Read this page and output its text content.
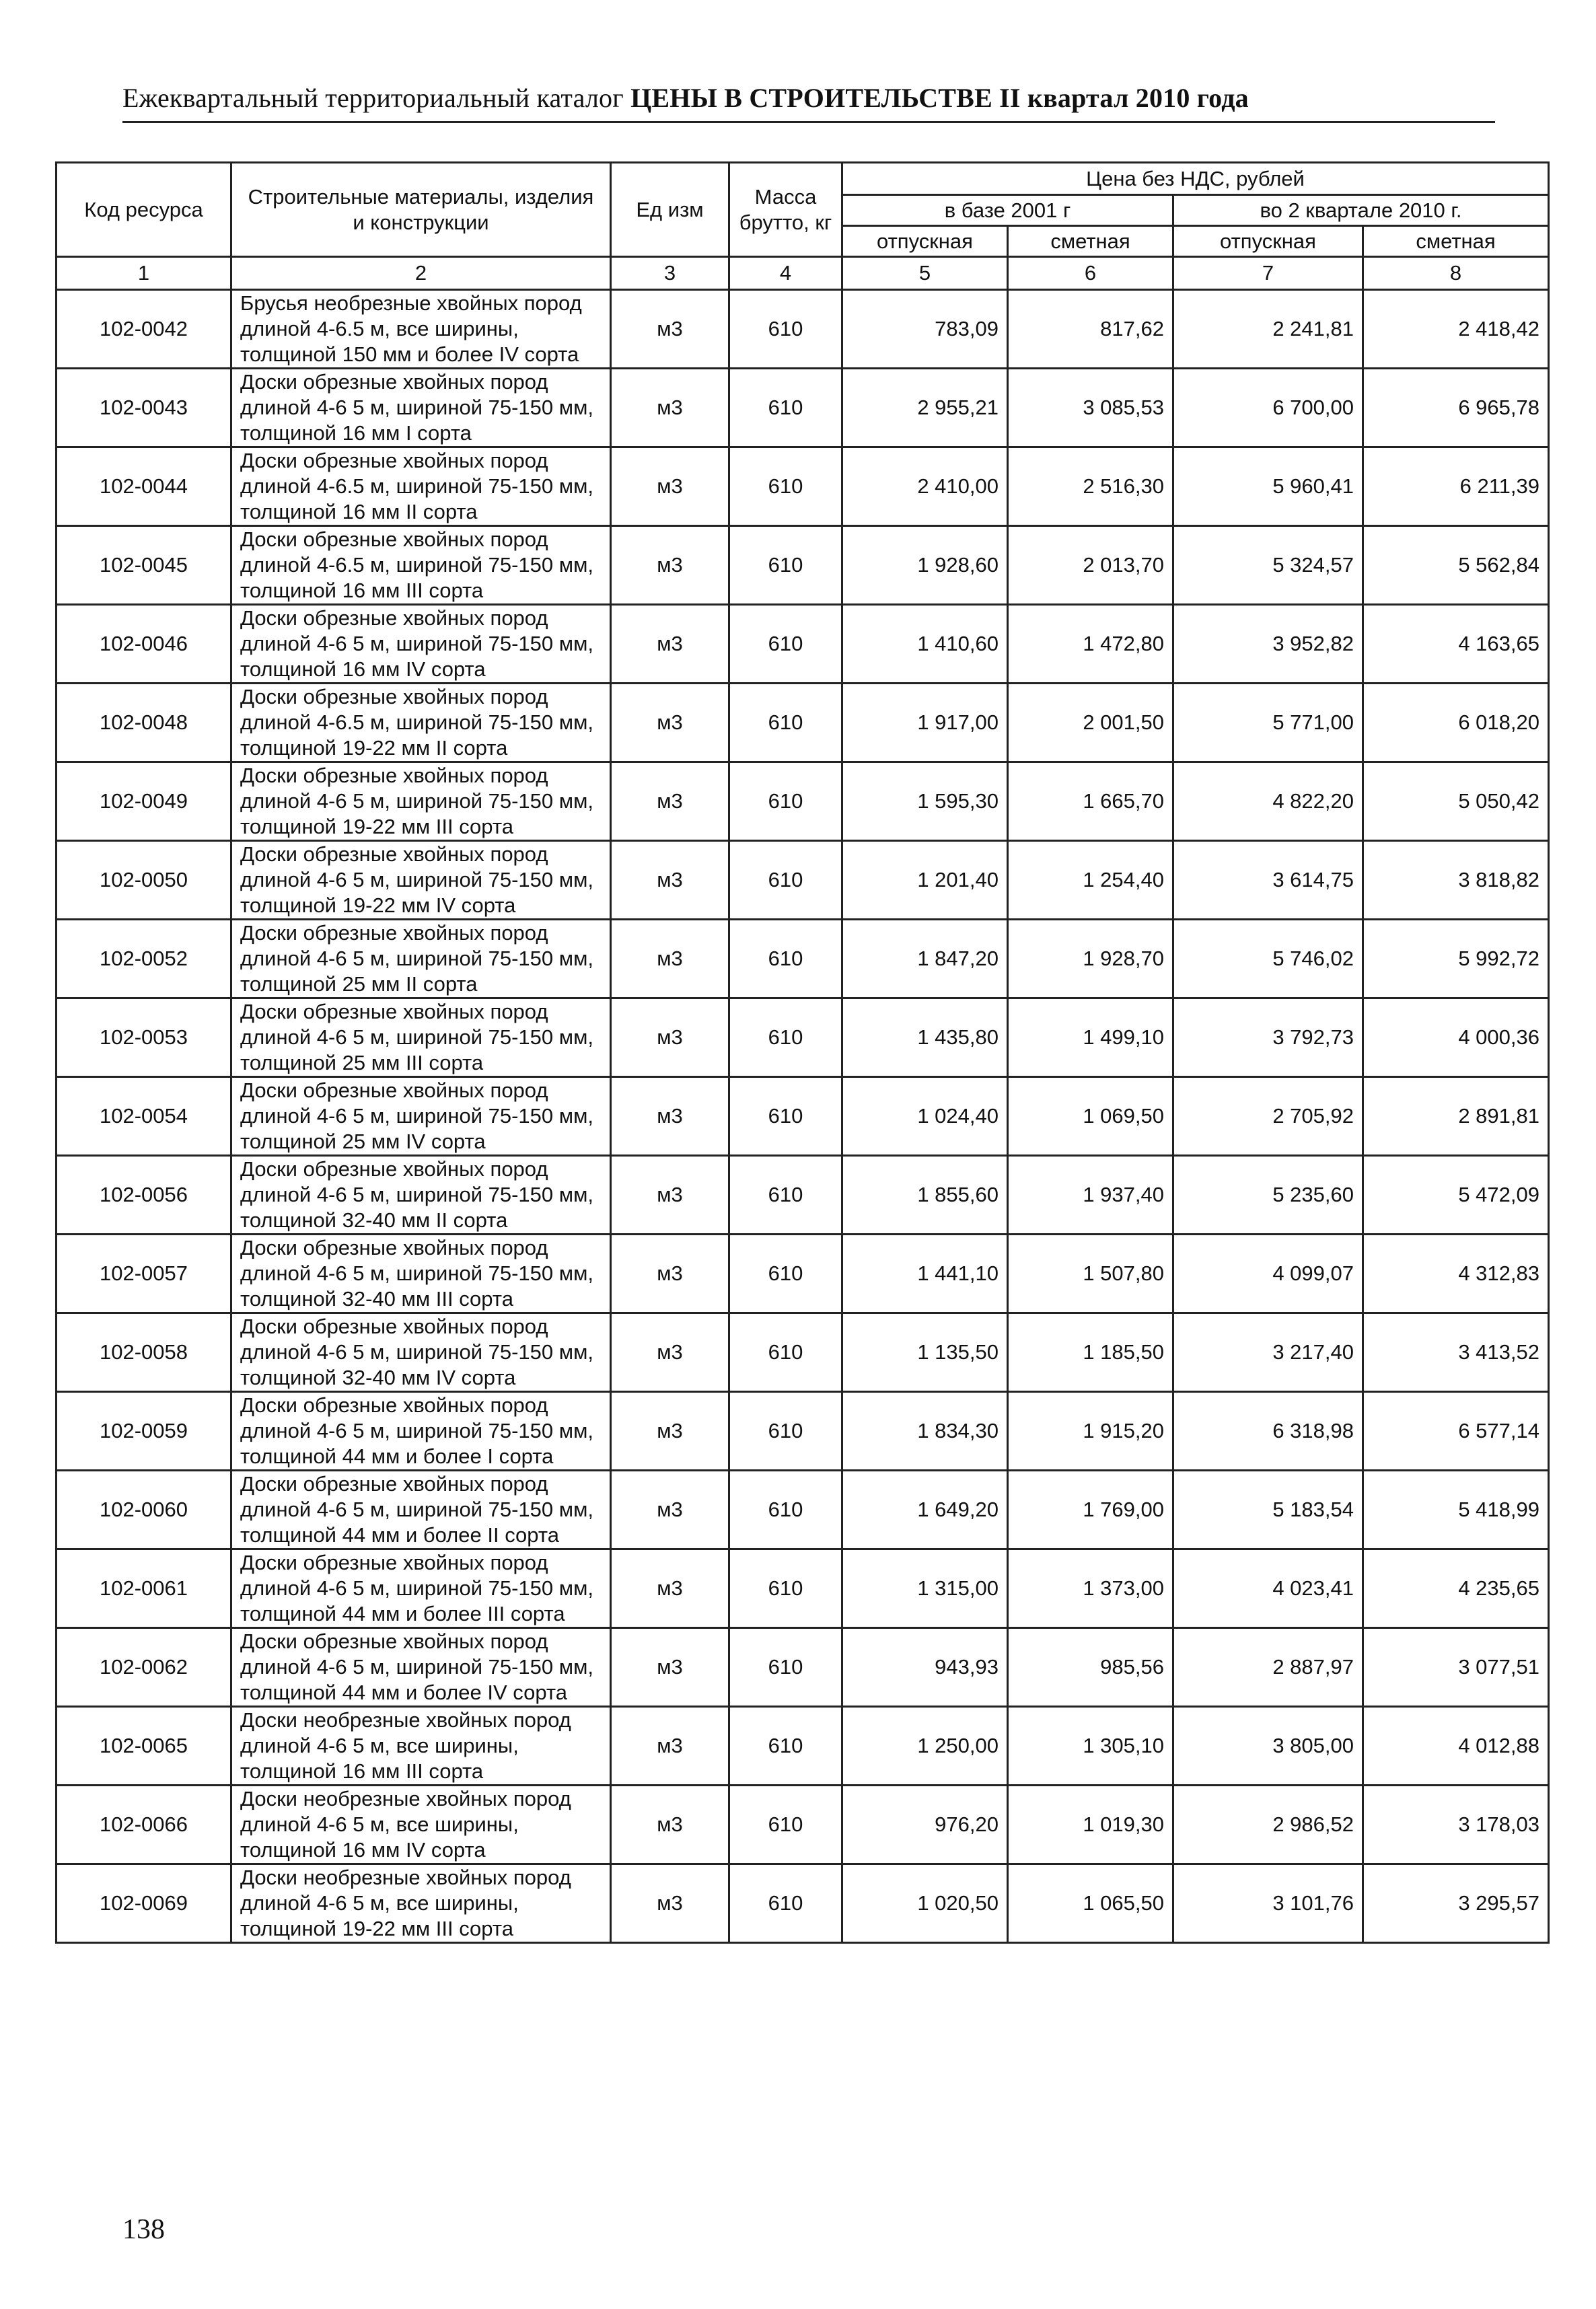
Ежеквартальный территориальный каталог ЦЕНЫ В СТРОИТЕЛЬСТВЕ II квартал 2010 года
Код ресурса	Строительные материалы, изделия и конструкции	Ед изм	Масса брутто, кг	Цена без НДС, рублей			
				в базе 2001 г		во 2 квартале 2010 г.	
				отпускная	сметная	отпускная	сметная
1	2	3	4	5	6	7	8
102-0042	Брусья необрезные хвойных пород длиной 4-6.5 м, все ширины, толщиной 150 мм и более IV сорта	м3	610	783,09	817,62	2 241,81	2 418,42
102-0043	Доски обрезные хвойных пород длиной 4-6 5 м, шириной 75-150 мм, толщиной 16 мм I сорта	м3	610	2 955,21	3 085,53	6 700,00	6 965,78
102-0044	Доски обрезные хвойных пород длиной 4-6.5 м, шириной 75-150 мм, толщиной 16 мм II сорта	м3	610	2 410,00	2 516,30	5 960,41	6 211,39
102-0045	Доски обрезные хвойных пород длиной 4-6.5 м, шириной 75-150 мм, толщиной 16 мм III сорта	м3	610	1 928,60	2 013,70	5 324,57	5 562,84
102-0046	Доски обрезные хвойных пород длиной 4-6 5 м, шириной 75-150 мм, толщиной 16 мм IV сорта	м3	610	1 410,60	1 472,80	3 952,82	4 163,65
102-0048	Доски обрезные хвойных пород длиной 4-6.5 м, шириной 75-150 мм, толщиной 19-22 мм II сорта	м3	610	1 917,00	2 001,50	5 771,00	6 018,20
102-0049	Доски обрезные хвойных пород длиной 4-6 5 м, шириной 75-150 мм, толщиной 19-22 мм III сорта	м3	610	1 595,30	1 665,70	4 822,20	5 050,42
102-0050	Доски обрезные хвойных пород длиной 4-6 5 м, шириной 75-150 мм, толщиной 19-22 мм IV сорта	м3	610	1 201,40	1 254,40	3 614,75	3 818,82
102-0052	Доски обрезные хвойных пород длиной 4-6 5 м, шириной 75-150 мм, толщиной 25 мм II сорта	м3	610	1 847,20	1 928,70	5 746,02	5 992,72
102-0053	Доски обрезные хвойных пород длиной 4-6 5 м, шириной 75-150 мм, толщиной 25 мм III сорта	м3	610	1 435,80	1 499,10	3 792,73	4 000,36
102-0054	Доски обрезные хвойных пород длиной 4-6 5 м, шириной 75-150 мм, толщиной 25 мм IV сорта	м3	610	1 024,40	1 069,50	2 705,92	2 891,81
102-0056	Доски обрезные хвойных пород длиной 4-6 5 м, шириной 75-150 мм, толщиной 32-40 мм II сорта	м3	610	1 855,60	1 937,40	5 235,60	5 472,09
102-0057	Доски обрезные хвойных пород длиной 4-6 5 м, шириной 75-150 мм, толщиной 32-40 мм III сорта	м3	610	1 441,10	1 507,80	4 099,07	4 312,83
102-0058	Доски обрезные хвойных пород длиной 4-6 5 м, шириной 75-150 мм, толщиной 32-40 мм IV сорта	м3	610	1 135,50	1 185,50	3 217,40	3 413,52
102-0059	Доски обрезные хвойных пород длиной 4-6 5 м, шириной 75-150 мм, толщиной 44 мм и более I сорта	м3	610	1 834,30	1 915,20	6 318,98	6 577,14
102-0060	Доски обрезные хвойных пород длиной 4-6 5 м, шириной 75-150 мм, толщиной 44 мм и более II сорта	м3	610	1 649,20	1 769,00	5 183,54	5 418,99
102-0061	Доски обрезные хвойных пород длиной 4-6 5 м, шириной 75-150 мм, толщиной 44 мм и более III сорта	м3	610	1 315,00	1 373,00	4 023,41	4 235,65
102-0062	Доски обрезные хвойных пород длиной 4-6 5 м, шириной 75-150 мм, толщиной 44 мм и более IV сорта	м3	610	943,93	985,56	2 887,97	3 077,51
102-0065	Доски необрезные хвойных пород длиной 4-6 5 м, все ширины, толщиной 16 мм III сорта	м3	610	1 250,00	1 305,10	3 805,00	4 012,88
102-0066	Доски необрезные хвойных пород длиной 4-6 5 м, все ширины, толщиной 16 мм IV сорта	м3	610	976,20	1 019,30	2 986,52	3 178,03
102-0069	Доски необрезные хвойных пород длиной 4-6 5 м, все ширины, толщиной 19-22 мм III сорта	м3	610	1 020,50	1 065,50	3 101,76	3 295,57
138
